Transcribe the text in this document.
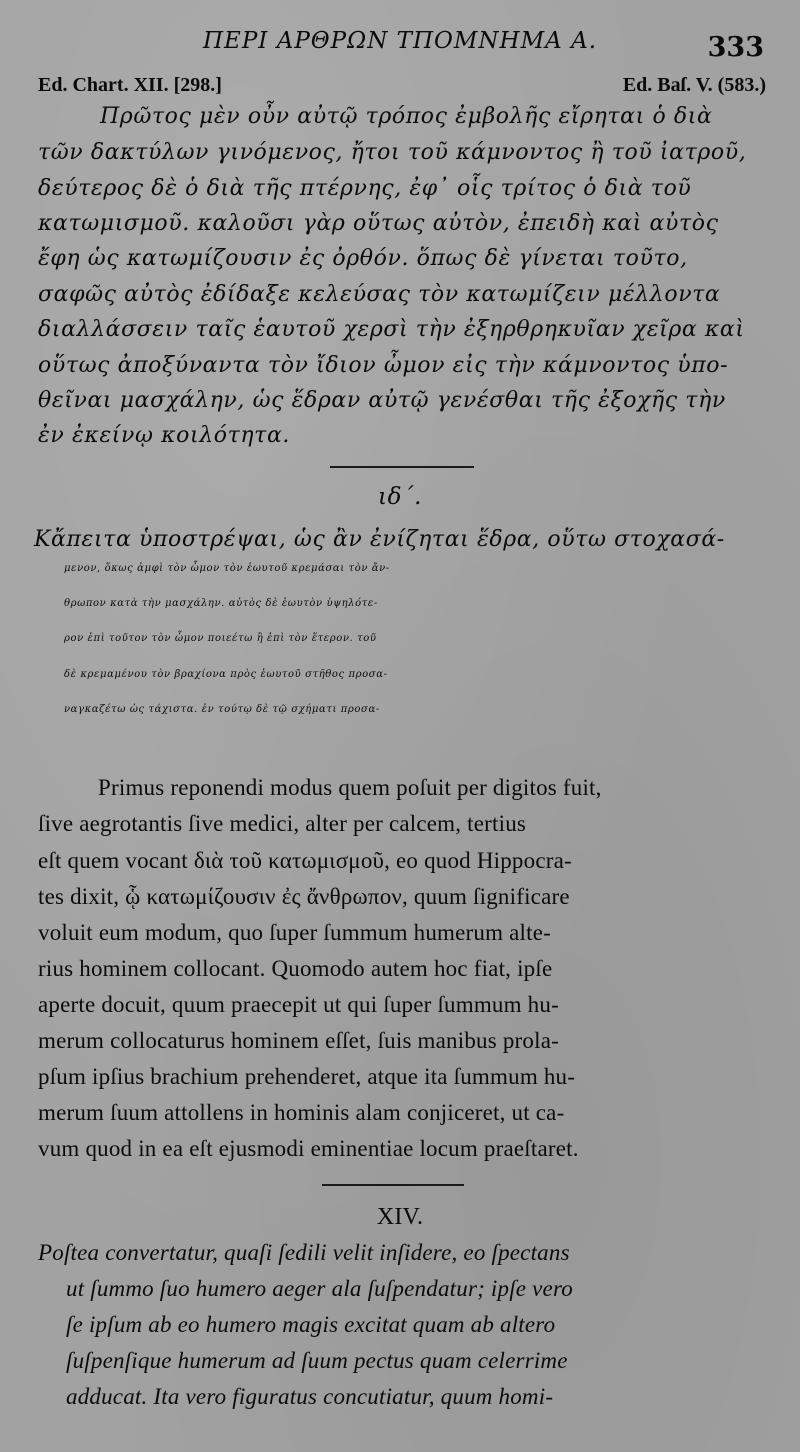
ΠΕΡΙ ΑΡΘΡΩΝ ΤΠΟΜΝΗΜΑ Α.	333
Ed. Chart. XII. [298.]	Ed. Baſ. V. (583.)
Πρῶτος μὲν οὖν αὐτῷ τρόπος ἐμβολῆς εἴρηται ὁ διὰ
τῶν δακτύλων γινόμενος, ἤτοι τοῦ κάμνοντος ἢ τοῦ ἰατροῦ,
δεύτερος δὲ ὁ διὰ τῆς πτέρνης, ἐφ᾽ οἷς τρίτος ὁ διὰ τοῦ
κατωμισμοῦ. καλοῦσι γὰρ οὕτως αὐτὸν, ἐπειδὴ καὶ αὐτὸς
ἔφη ὡς κατωμίζουσιν ἐς ὀρθόν. ὅπως δὲ γίνεται τοῦτο,
σαφῶς αὐτὸς ἐδίδαξε κελεύσας τὸν κατωμίζειν μέλλοντα
διαλλάσσειν ταῖς ἑαυτοῦ χερσὶ τὴν ἐξηρθρηκυῖαν χεῖρα καὶ
οὕτως ἀποξύναντα τὸν ἴδιον ὦμον εἰς τὴν κάμνοντος ὑπο-
θεῖναι μασχάλην, ὡς ἕδραν αὐτῷ γενέσθαι τῆς ἐξοχῆς τὴν
ἐν ἐκείνῳ κοιλότητα.
ιδ΄.
Κἄπειτα ὑποστρέψαι, ὡς ἂν ἐνίζηται ἕδρα, οὕτω στοχασά-
μενον, ὅκως ἀμφὶ τὸν ὦμον τὸν ἑωυτοῦ κρεμάσαι τὸν ἄν-
θρωπον κατὰ τὴν μασχάλην. αὐτὸς δὲ ἑωυτὸν ὑψηλότε-
ρον ἐπὶ τοῦτον τὸν ὦμον ποιεέτω ἢ ἐπὶ τὸν ἕτερον. τοῦ
δὲ κρεμαμένου τὸν βραχίονα πρὸς ἑωυτοῦ στῆθος προσα-
ναγκαζέτω ὡς τάχιστα. ἐν τούτῳ δὲ τῷ σχήματι προσα-
Primus reponendi modus quem poſuit per digitos fuit,
ſive aegrotantis ſive medici, alter per calcem, tertius
eſt quem vocant διὰ τοῦ κατωμισμοῦ, eo quod Hippocra-
tes dixit, ᾧ κατωμίζουσιν ἐς ἄνθρωπον, quum ſignificare
voluit eum modum, quo ſuper ſummum humerum alte-
rius hominem collocant. Quomodo autem hoc fiat, ipſe
aperte docuit, quum praecepit ut qui ſuper ſummum hu-
merum collocaturus hominem eſſet, ſuis manibus prola-
pſum ipſius brachium prehenderet, atque ita ſummum hu-
merum ſuum attollens in hominis alam conjiceret, ut ca-
vum quod in ea eſt ejusmodi eminentiae locum praeſtaret.
XIV.
Poſtea convertatur, quaſi ſedili velit inſidere, eo ſpectans
ut ſummo ſuo humero aeger ala ſuſpendatur; ipſe vero
ſe ipſum ab eo humero magis excitat quam ab altero
ſuſpenſique humerum ad ſuum pectus quam celerrime
adducat. Ita vero figuratus concutiatur, quum homi-
